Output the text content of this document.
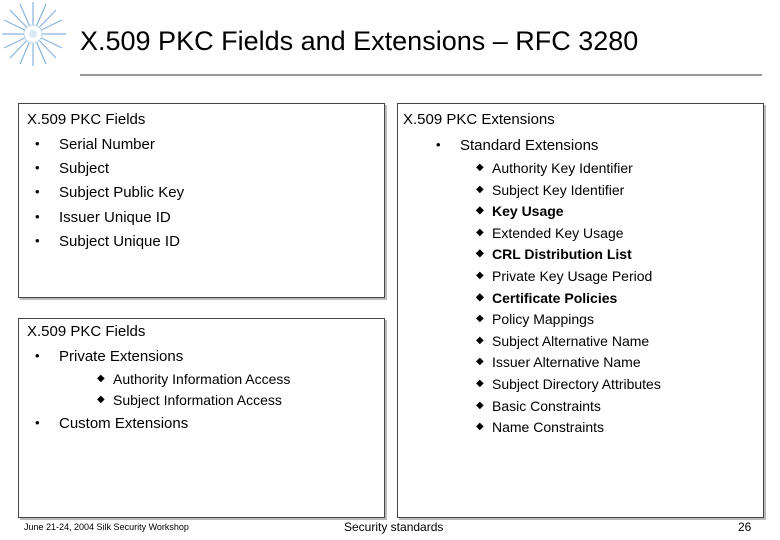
X.509 PKC Fields and Extensions – RFC 3280
X.509 PKC Fields
• Serial Number
• Subject
• Subject Public Key
• Issuer Unique ID
• Subject Unique ID
X.509 PKC Fields
• Private Extensions
◆ Authority Information Access
◆ Subject Information Access
• Custom Extensions
X.509 PKC Extensions
• Standard Extensions
◆ Authority Key Identifier
◆ Subject Key Identifier
◆ Key Usage
◆ Extended Key Usage
◆ CRL Distribution List
◆ Private Key Usage Period
◆ Certificate Policies
◆ Policy Mappings
◆ Subject Alternative Name
◆ Issuer Alternative Name
◆ Subject Directory Attributes
◆ Basic Constraints
◆ Name Constraints
June 21-24, 2004 Silk Security Workshop	Security standards	26
